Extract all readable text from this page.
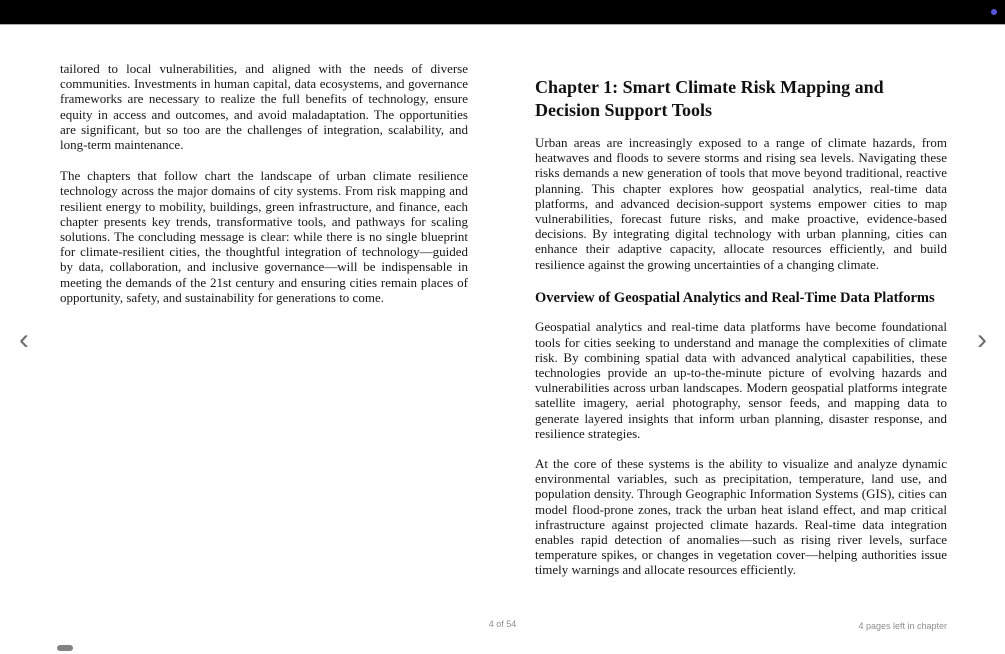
tailored to local vulnerabilities, and aligned with the needs of diverse communities. Investments in human capital, data ecosystems, and governance frameworks are necessary to realize the full benefits of technology, ensure equity in access and outcomes, and avoid maladaptation. The opportunities are significant, but so too are the challenges of integration, scalability, and long-term maintenance.

The chapters that follow chart the landscape of urban climate resilience technology across the major domains of city systems. From risk mapping and resilient energy to mobility, buildings, green infrastructure, and finance, each chapter presents key trends, transformative tools, and pathways for scaling solutions. The concluding message is clear: while there is no single blueprint for climate-resilient cities, the thoughtful integration of technology—guided by data, collaboration, and inclusive governance—will be indispensable in meeting the demands of the 21st century and ensuring cities remain places of opportunity, safety, and sustainability for generations to come.

Chapter 1: Smart Climate Risk Mapping and Decision Support Tools

Urban areas are increasingly exposed to a range of climate hazards, from heatwaves and floods to severe storms and rising sea levels. Navigating these risks demands a new generation of tools that move beyond traditional, reactive planning. This chapter explores how geospatial analytics, real-time data platforms, and advanced decision-support systems empower cities to map vulnerabilities, forecast future risks, and make proactive, evidence-based decisions. By integrating digital technology with urban planning, cities can enhance their adaptive capacity, allocate resources efficiently, and build resilience against the growing uncertainties of a changing climate.

Overview of Geospatial Analytics and Real-Time Data Platforms

Geospatial analytics and real-time data platforms have become foundational tools for cities seeking to understand and manage the complexities of climate risk. By combining spatial data with advanced analytical capabilities, these technologies provide an up-to-the-minute picture of evolving hazards and vulnerabilities across urban landscapes. Modern geospatial platforms integrate satellite imagery, aerial photography, sensor feeds, and mapping data to generate layered insights that inform urban planning, disaster response, and resilience strategies.

At the core of these systems is the ability to visualize and analyze dynamic environmental variables, such as precipitation, temperature, land use, and population density. Through Geographic Information Systems (GIS), cities can model flood-prone zones, track the urban heat island effect, and map critical infrastructure against projected climate hazards. Real-time data integration enables rapid detection of anomalies—such as rising river levels, surface temperature spikes, or changes in vegetation cover—helping authorities issue timely warnings and allocate resources efficiently.

‹	›
4 of 54	4 pages left in chapter
